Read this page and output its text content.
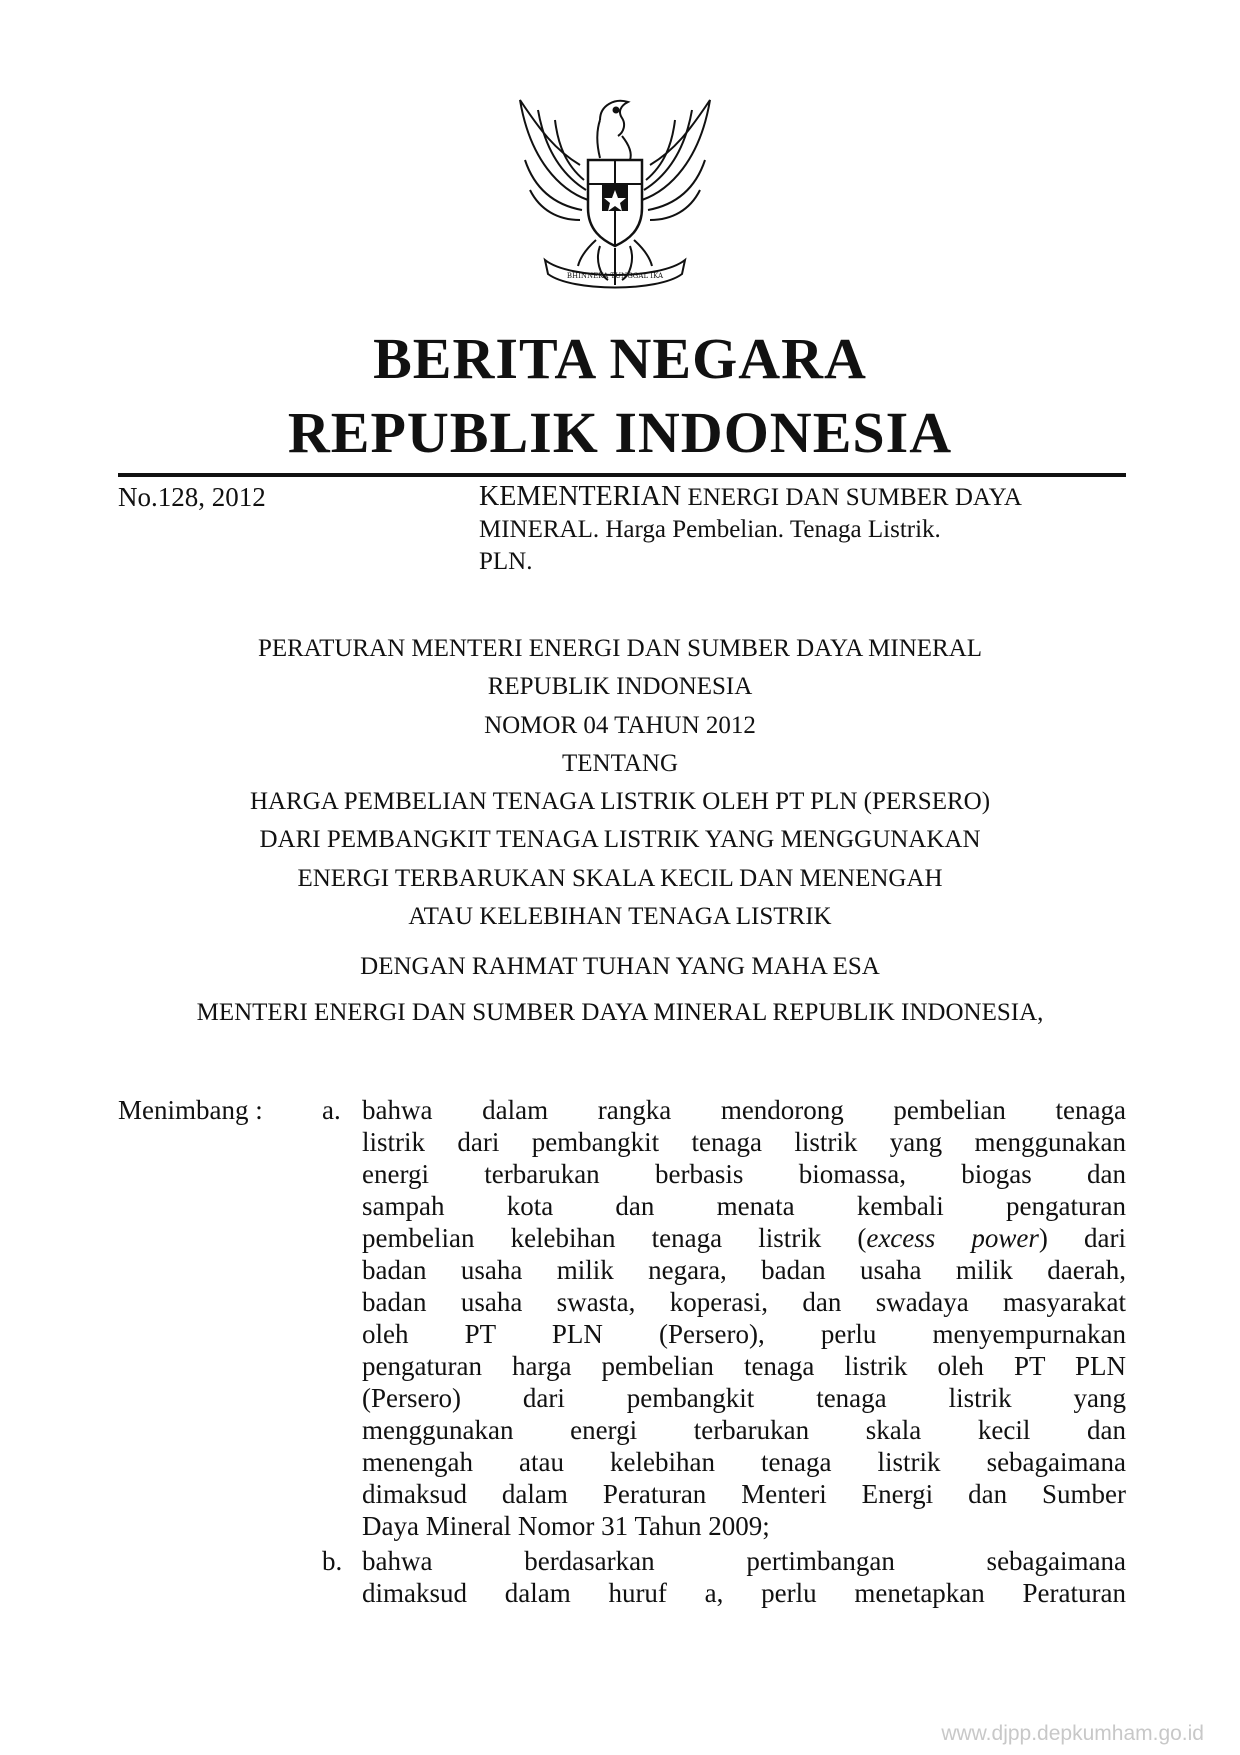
BHINNEKA TUNGGAL IKA
BERITA NEGARA
REPUBLIK INDONESIA
No.128, 2012	KEMENTERIAN ENERGI DAN SUMBER DAYA
MINERAL. Harga Pembelian. Tenaga Listrik.
PLN.
PERATURAN MENTERI ENERGI DAN SUMBER DAYA MINERAL
REPUBLIK INDONESIA
NOMOR 04 TAHUN 2012
TENTANG
HARGA PEMBELIAN TENAGA LISTRIK OLEH PT PLN (PERSERO)
DARI PEMBANGKIT TENAGA LISTRIK YANG MENGGUNAKAN
ENERGI TERBARUKAN SKALA KECIL DAN MENENGAH
ATAU KELEBIHAN TENAGA LISTRIK
DENGAN RAHMAT TUHAN YANG MAHA ESA
MENTERI ENERGI DAN SUMBER DAYA MINERAL REPUBLIK INDONESIA,
Menimbang : a. bahwa dalam rangka mendorong pembelian tenaga
listrik dari pembangkit tenaga listrik yang menggunakan
energi terbarukan berbasis biomassa, biogas dan
sampah kota dan menata kembali pengaturan
pembelian kelebihan tenaga listrik (excess power) dari
badan usaha milik negara, badan usaha milik daerah,
badan usaha swasta, koperasi, dan swadaya masyarakat
oleh PT PLN (Persero), perlu menyempurnakan
pengaturan harga pembelian tenaga listrik oleh PT PLN
(Persero) dari pembangkit tenaga listrik yang
menggunakan energi terbarukan skala kecil dan
menengah atau kelebihan tenaga listrik sebagaimana
dimaksud dalam Peraturan Menteri Energi dan Sumber
Daya Mineral Nomor 31 Tahun 2009;
b. bahwa berdasarkan pertimbangan sebagaimana
dimaksud dalam huruf a, perlu menetapkan Peraturan
www.djpp.depkumham.go.id
